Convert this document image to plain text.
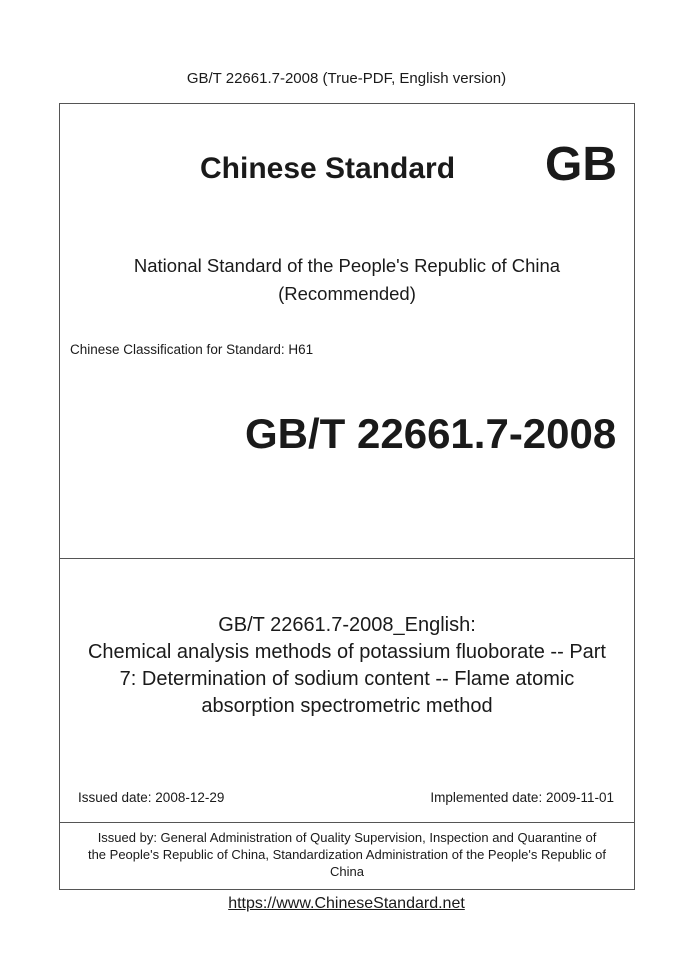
GB/T 22661.7-2008 (True-PDF, English version)
Chinese Standard GB
National Standard of the People's Republic of China
(Recommended)
Chinese Classification for Standard: H61
GB/T 22661.7-2008
GB/T 22661.7-2008_English:
Chemical analysis methods of potassium fluoborate -- Part
7: Determination of sodium content -- Flame atomic
absorption spectrometric method
Issued date: 2008-12-29	Implemented date: 2009-11-01
Issued by: General Administration of Quality Supervision, Inspection and Quarantine of
the People's Republic of China, Standardization Administration of the People's Republic of
China
https://www.ChineseStandard.net
